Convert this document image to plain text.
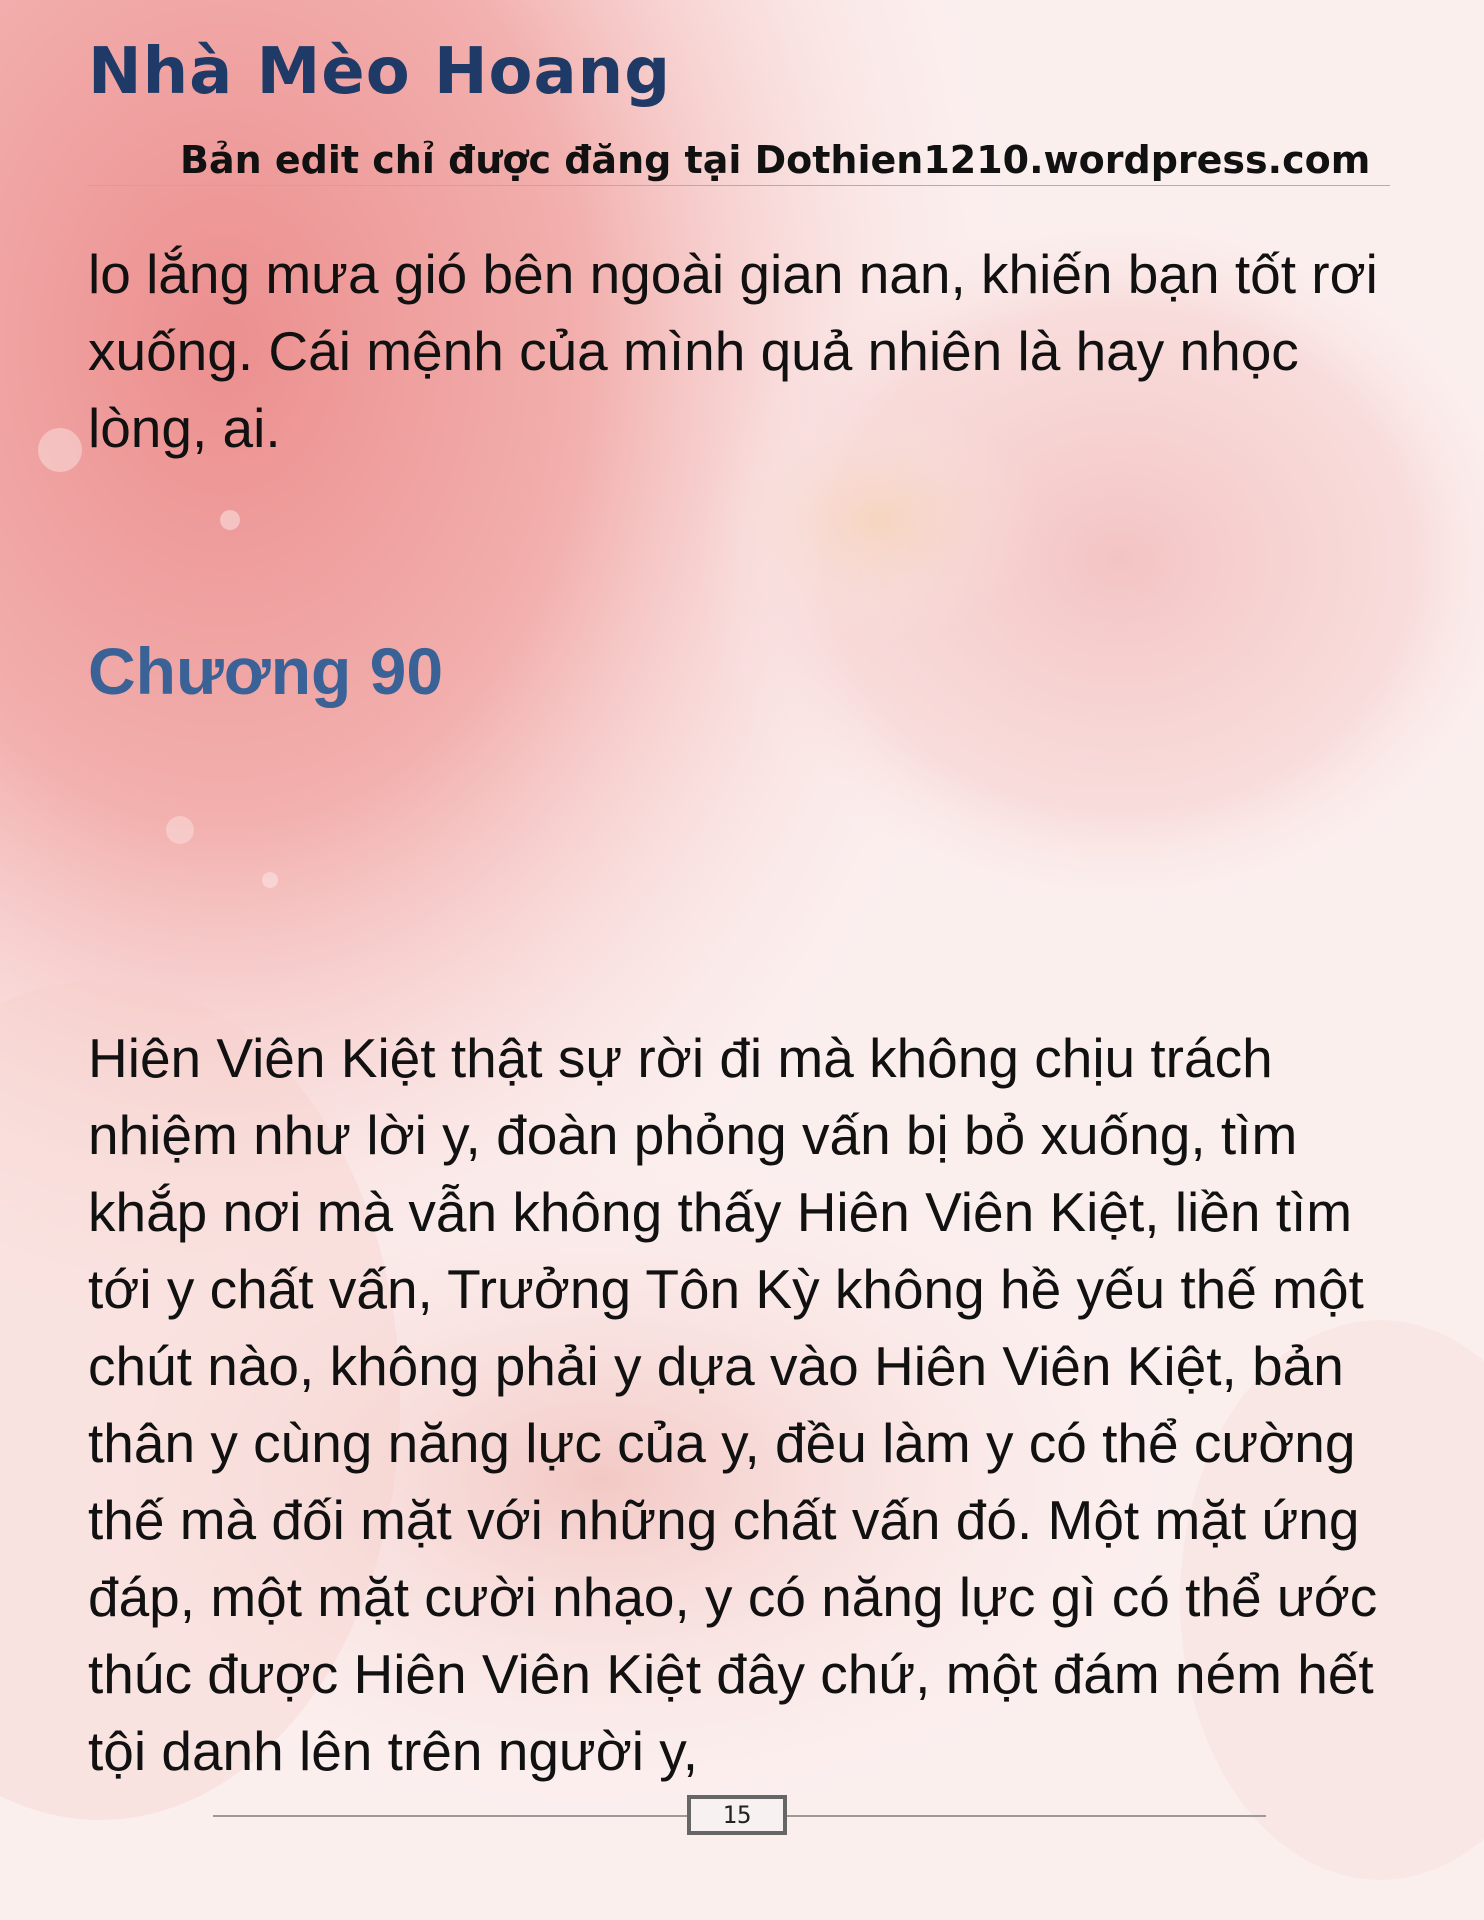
Nhà Mèo Hoang
Bản edit chỉ được đăng tại Dothien1210.wordpress.com

lo lắng mưa gió bên ngoài gian nan, khiến bạn tốt rơi xuống. Cái mệnh của mình quả nhiên là hay nhọc lòng, ai.

Chương 90

Hiên Viên Kiệt thật sự rời đi mà không chịu trách nhiệm như lời y, đoàn phỏng vấn bị bỏ xuống, tìm khắp nơi mà vẫn không thấy Hiên Viên Kiệt, liền tìm tới y chất vấn, Trưởng Tôn Kỳ không hề yếu thế một chút nào, không phải y dựa vào Hiên Viên Kiệt, bản thân y cùng năng lực của y, đều làm y có thể cường thế mà đối mặt với những chất vấn đó. Một mặt ứng đáp, một mặt cười nhạo, y có năng lực gì có thể ước thúc được Hiên Viên Kiệt đây chứ, một đám ném hết tội danh lên trên người y,

15
